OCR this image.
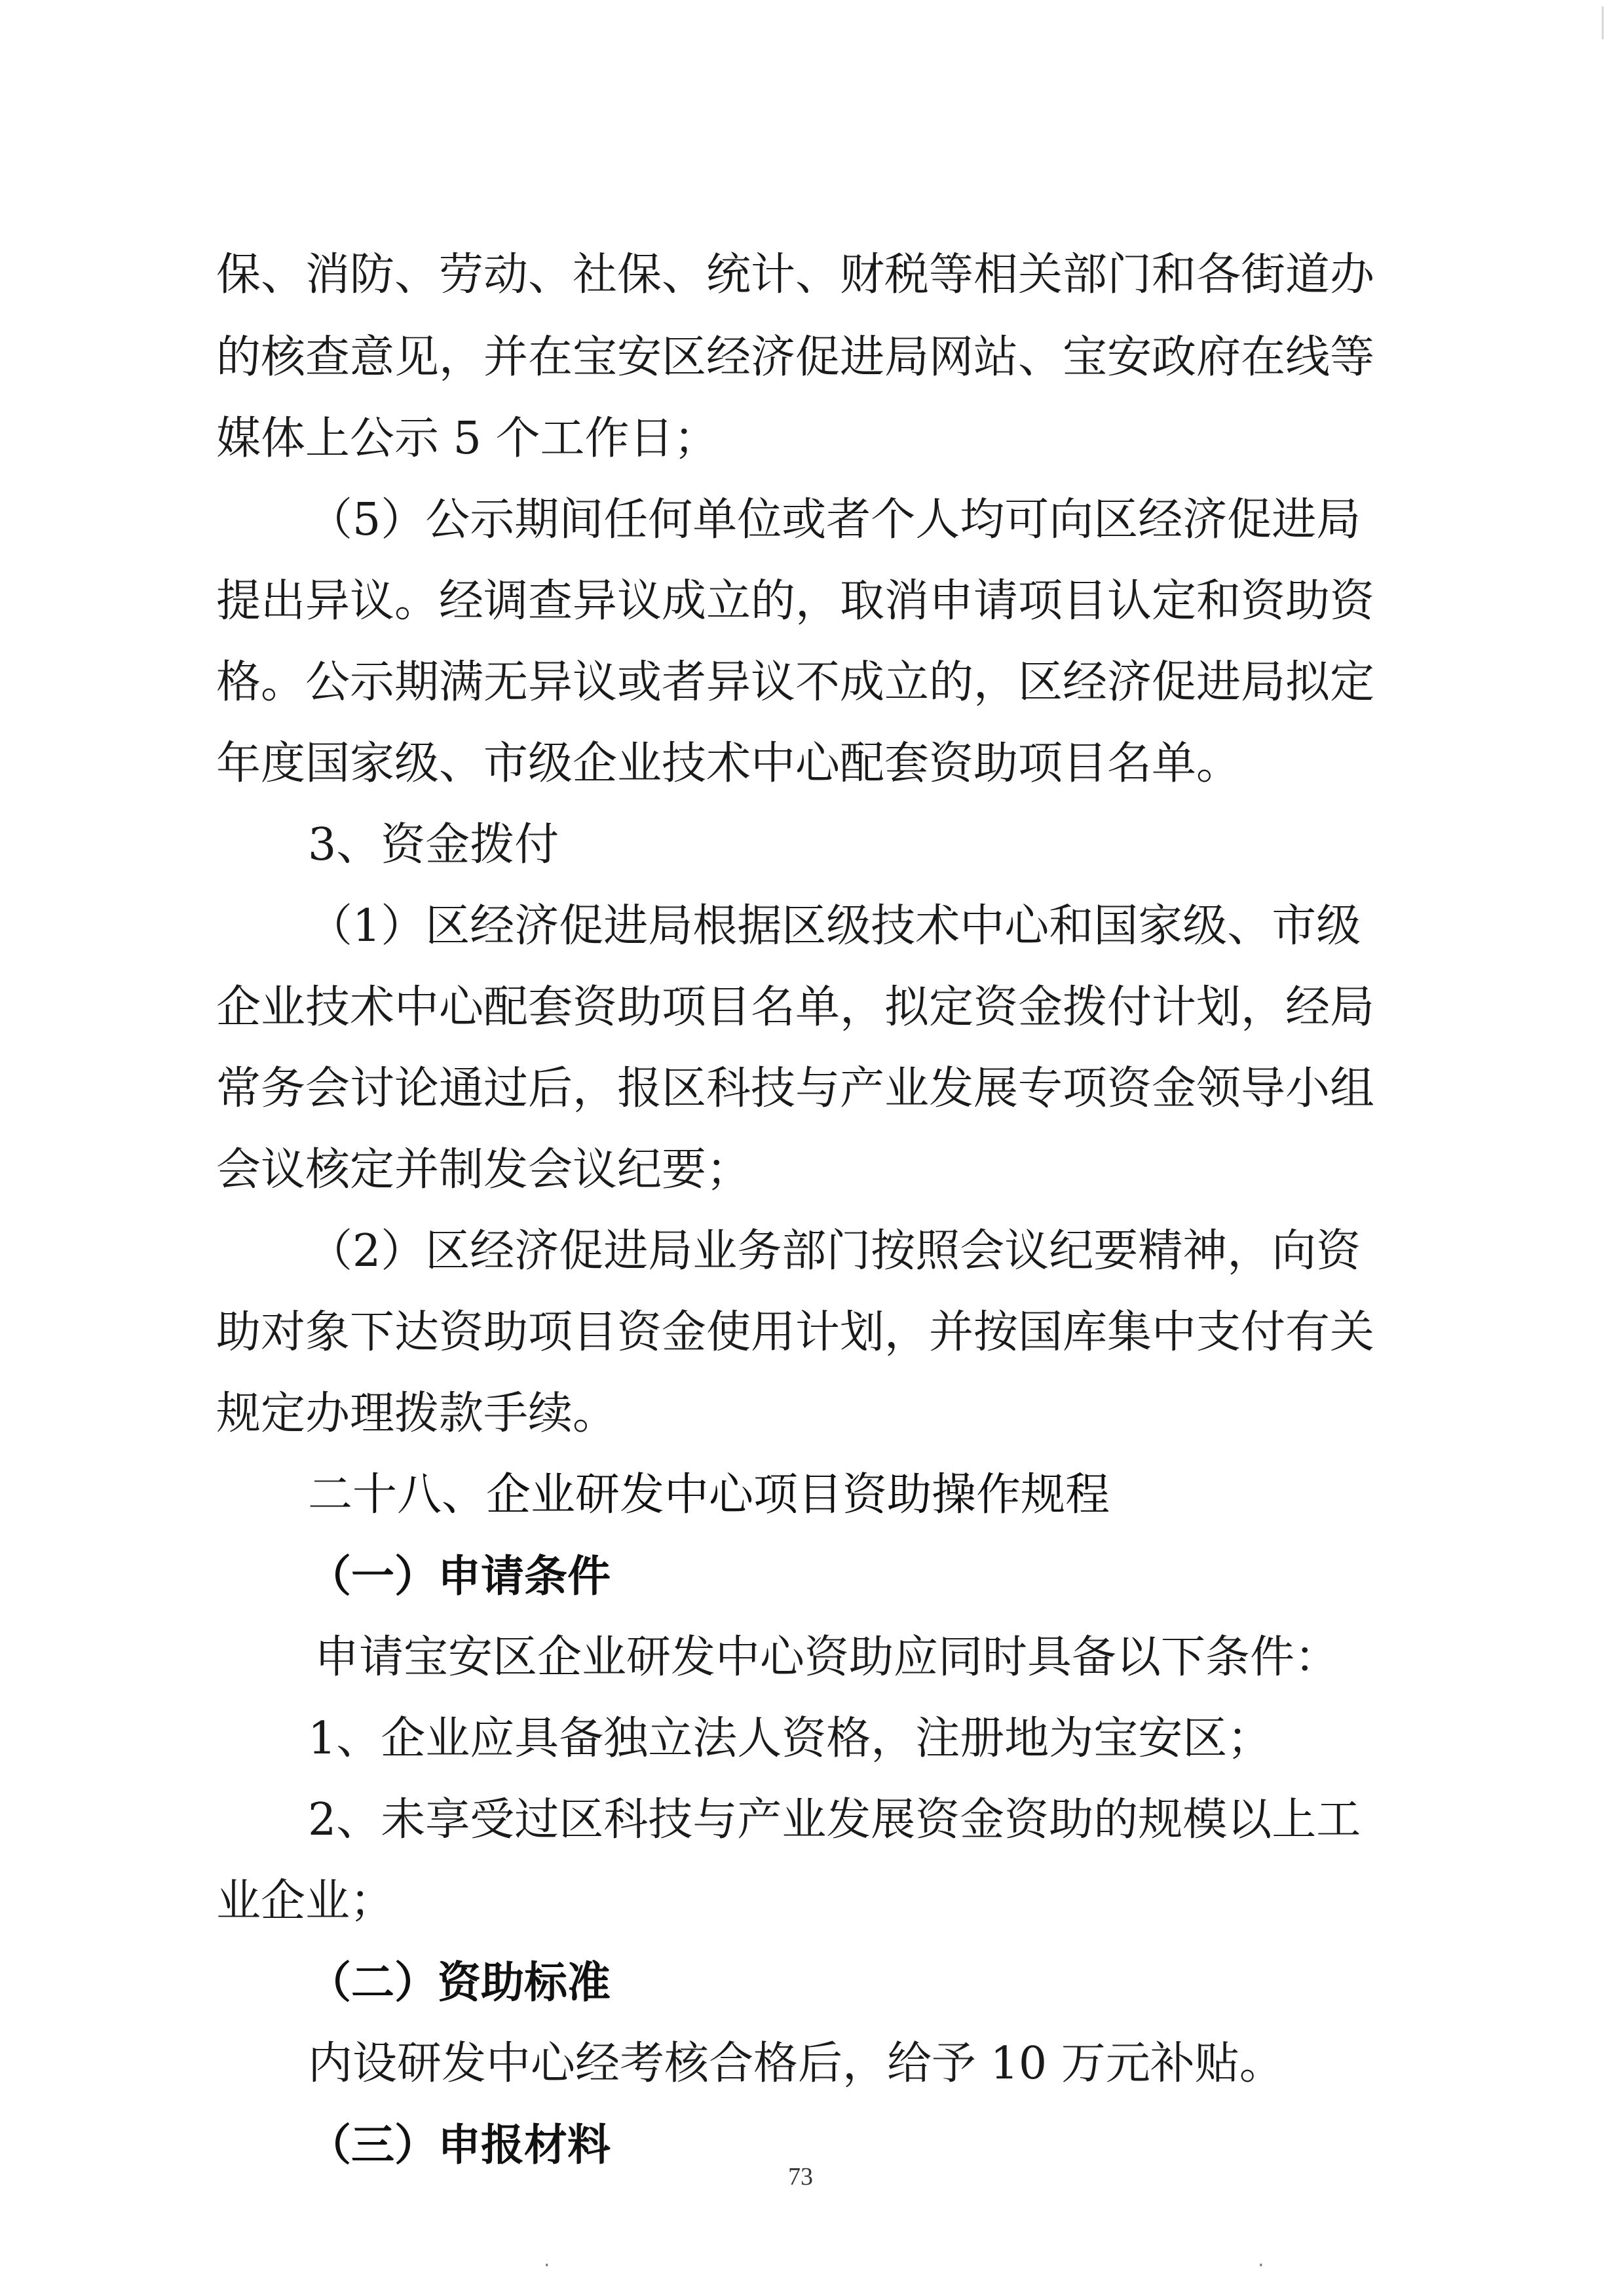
保、消防、劳动、社保、统计、财税等相关部门和各街道办
的核查意见，并在宝安区经济促进局网站、宝安政府在线等
媒体上公示 5 个工作日；
（5）公示期间任何单位或者个人均可向区经济促进局
提出异议。经调查异议成立的，取消申请项目认定和资助资
格。公示期满无异议或者异议不成立的，区经济促进局拟定
年度国家级、市级企业技术中心配套资助项目名单。
3、资金拨付
（1）区经济促进局根据区级技术中心和国家级、市级
企业技术中心配套资助项目名单，拟定资金拨付计划，经局
常务会讨论通过后，报区科技与产业发展专项资金领导小组
会议核定并制发会议纪要；
（2）区经济促进局业务部门按照会议纪要精神，向资
助对象下达资助项目资金使用计划，并按国库集中支付有关
规定办理拨款手续。
二十八、企业研发中心项目资助操作规程
（一）申请条件
申请宝安区企业研发中心资助应同时具备以下条件：
1、企业应具备独立法人资格，注册地为宝安区；
2、未享受过区科技与产业发展资金资助的规模以上工
业企业；
（二）资助标准
内设研发中心经考核合格后，给予 10 万元补贴。
（三）申报材料
73
·	·
